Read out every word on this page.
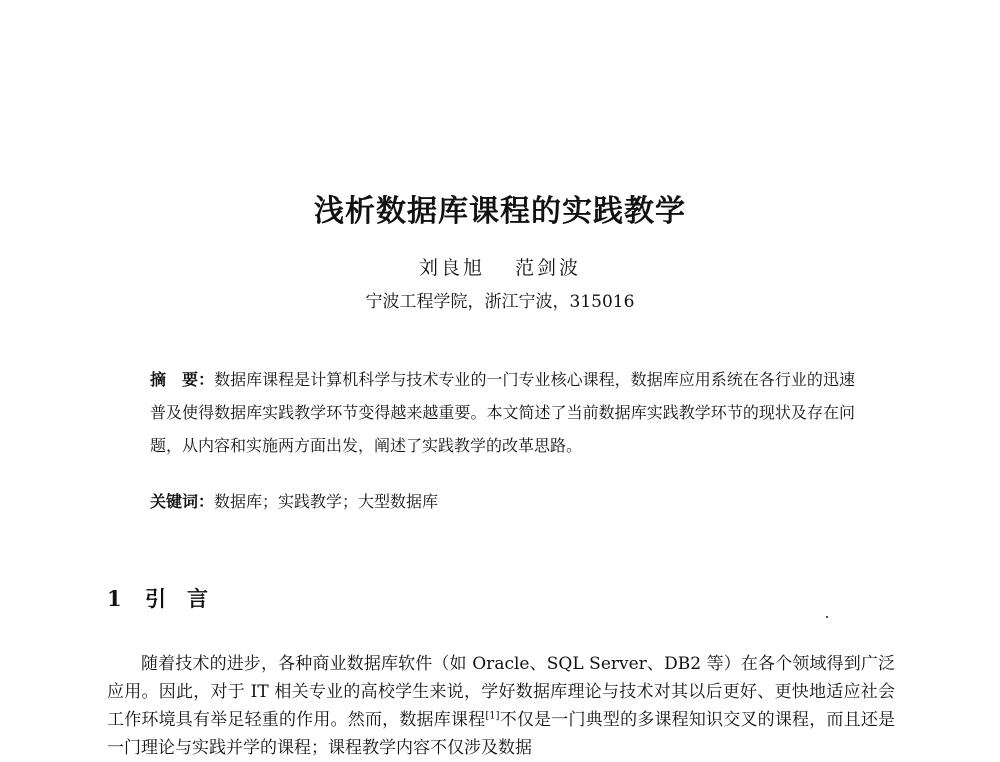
浅析数据库课程的实践教学
刘良旭 范剑波
宁波工程学院，浙江宁波，315016
摘　要：数据库课程是计算机科学与技术专业的一门专业核心课程，数据库应用系统在各行业的迅速普及使得数据库实践教学环节变得越来越重要。本文简述了当前数据库实践教学环节的现状及存在问题，从内容和实施两方面出发，阐述了实践教学的改革思路。
关键词：数据库；实践教学；大型数据库
1 引　言
随着技术的进步，各种商业数据库软件（如 Oracle、SQL Server、DB2 等）在各个领域得到广泛应用。因此，对于 IT 相关专业的高校学生来说，学好数据库理论与技术对其以后更好、更快地适应社会工作环境具有举足轻重的作用。然而，数据库课程[1]不仅是一门典型的多课程知识交叉的课程，而且还是一门理论与实践并学的课程；课程教学内容不仅涉及数据
